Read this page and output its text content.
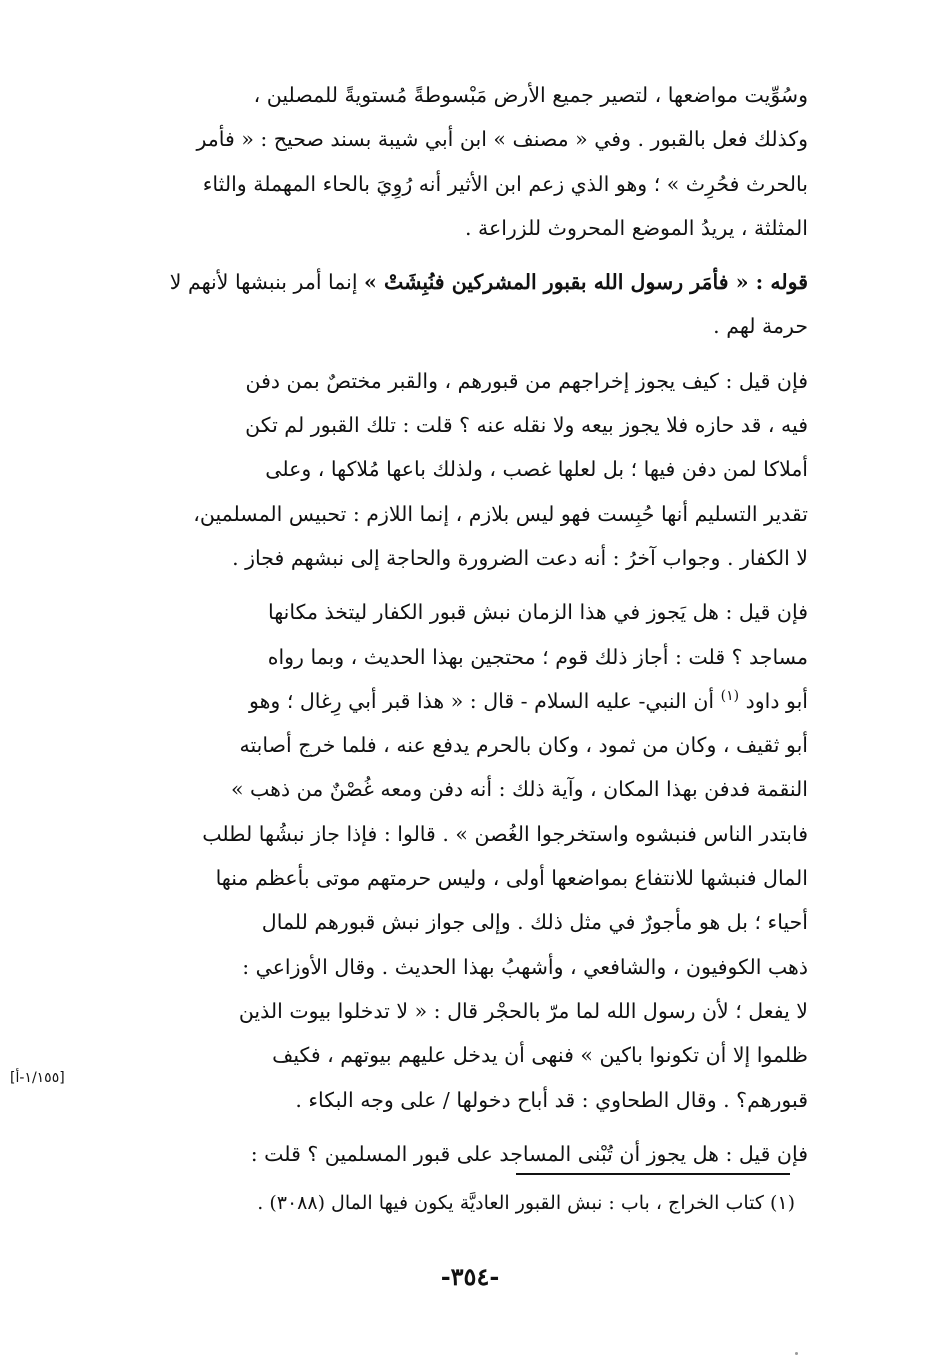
وسُوِّيت مواضعها ، لتصير جميع الأرض مَبْسوطةً مُستويةً للمصلين ،
وكذلك فعل بالقبور . وفي « مصنف » ابن أبي شيبة بسند صحيح : « فأمر
بالحرث فحُرِث » ؛ وهو الذي زعم ابن الأثير أنه رُوِيَ بالحاء المهملة والثاء
المثلثة ، يريدُ الموضع المحروث للزراعة .

قوله : « فأمَر رسول الله بقبور المشركين فنُبِشَتْ » إنما أمر بنبشها لأنهم لا
حرمة لهم .

فإن قيل : كيف يجوز إخراجهم من قبورهم ، والقبر مختصٌ بمن دفن
فيه ، قد حازه فلا يجوز بيعه ولا نقله عنه ؟ قلت : تلك القبور لم تكن
أملاكا لمن دفن فيها ؛ بل لعلها غصب ، ولذلك باعها مُلاكها ، وعلى
تقدير التسليم أنها حُبِست فهو ليس بلازم ، إنما اللازم : تحبيس المسلمين،
لا الكفار . وجواب آخرُ : أنه دعت الضرورة والحاجة إلى نبشهم فجاز .

فإن قيل : هل يَجوز في هذا الزمان نبش قبور الكفار ليتخذ مكانها
مساجد ؟ قلت : أجاز ذلك قوم ؛ محتجين بهذا الحديث ، وبما رواه
أبو داود $^{(١)}$ أن النبي- عليه السلام - قال : « هذا قبر أبي رِغال ؛ وهو
أبو ثقيف ، وكان من ثمود ، وكان بالحرم يدفع عنه ، فلما خرج أصابته
النقمة فدفن بهذا المكان ، وآية ذلك : أنه دفن ومعه غُصْنٌ من ذهب »
فابتدر الناس فنبشوه واستخرجوا الغُصن » . قالوا : فإذا جاز نبشُها لطلب
المال فنبشها للانتفاع بمواضعها أولى ، وليس حرمتهم موتى بأعظم منها
أحياء ؛ بل هو مأجورٌ في مثل ذلك . وإلى جواز نبش قبورهم للمال
ذهب الكوفيون ، والشافعي ، وأشهبُ بهذا الحديث . وقال الأوزاعي :
لا يفعل ؛ لأن رسول الله لما مرّ بالحجْر قال : « لا تدخلوا بيوت الذين
ظلموا إلا أن تكونوا باكين » فنهى أن يدخل عليهم بيوتهم ، فكيف
قبورهم؟ . وقال الطحاوي : قد أباح دخولها / على وجه البكاء .

فإن قيل : هل يجوز أن تُبْنى المساجد على قبور المسلمين ؟ قلت :

[١/١٥٥-أ]

(١) كتاب الخراج ، باب : نبش القبور العاديَّة يكون فيها المال (٣٠٨٨) .

-٣٥٤-
